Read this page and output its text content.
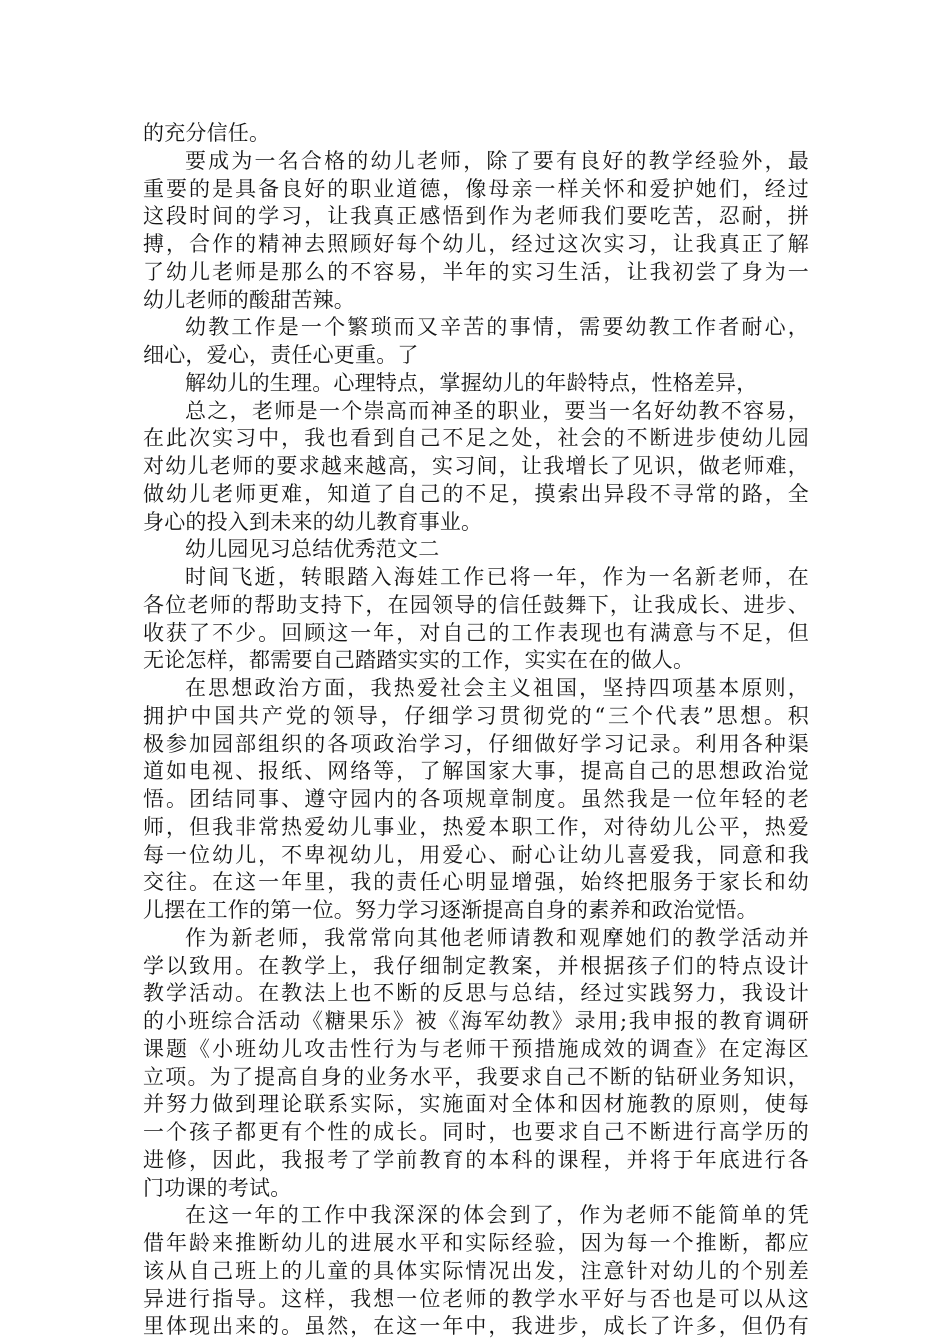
的充分信任。
要成为一名合格的幼儿老师，除了要有良好的教学经验外，最
重要的是具备良好的职业道德，像母亲一样关怀和爱护她们，经过
这段时间的学习，让我真正感悟到作为老师我们要吃苦，忍耐，拼
搏，合作的精神去照顾好每个幼儿，经过这次实习，让我真正了解
了幼儿老师是那么的不容易，半年的实习生活，让我初尝了身为一
幼儿老师的酸甜苦辣。
幼教工作是一个繁琐而又辛苦的事情，需要幼教工作者耐心，
细心，爱心，责任心更重。了
解幼儿的生理。心理特点，掌握幼儿的年龄特点，性格差异，
总之，老师是一个崇高而神圣的职业，要当一名好幼教不容易，
在此次实习中，我也看到自己不足之处，社会的不断进步使幼儿园
对幼儿老师的要求越来越高，实习间，让我增长了见识，做老师难，
做幼儿老师更难，知道了自己的不足，摸索出异段不寻常的路，全
身心的投入到未来的幼儿教育事业。
幼儿园见习总结优秀范文二
时间飞逝，转眼踏入海娃工作已将一年，作为一名新老师，在
各位老师的帮助支持下，在园领导的信任鼓舞下，让我成长、进步、
收获了不少。回顾这一年，对自己的工作表现也有满意与不足，但
无论怎样，都需要自己踏踏实实的工作，实实在在的做人。
在思想政治方面，我热爱社会主义祖国，坚持四项基本原则，
拥护中国共产党的领导，仔细学习贯彻党的“三个代表”思想。积
极参加园部组织的各项政治学习，仔细做好学习记录。利用各种渠
道如电视、报纸、网络等，了解国家大事，提高自己的思想政治觉
悟。团结同事、遵守园内的各项规章制度。虽然我是一位年轻的老
师，但我非常热爱幼儿事业，热爱本职工作，对待幼儿公平，热爱
每一位幼儿，不卑视幼儿，用爱心、耐心让幼儿喜爱我，同意和我
交往。在这一年里，我的责任心明显增强，始终把服务于家长和幼
儿摆在工作的第一位。努力学习逐渐提高自身的素养和政治觉悟。
作为新老师，我常常向其他老师请教和观摩她们的教学活动并
学以致用。在教学上，我仔细制定教案，并根据孩子们的特点设计
教学活动。在教法上也不断的反思与总结，经过实践努力，我设计
的小班综合活动《糖果乐》被《海军幼教》录用;我申报的教育调研
课题《小班幼儿攻击性行为与老师干预措施成效的调查》在定海区
立项。为了提高自身的业务水平，我要求自己不断的钻研业务知识，
并努力做到理论联系实际，实施面对全体和因材施教的原则，使每
一个孩子都更有个性的成长。同时，也要求自己不断进行高学历的
进修，因此，我报考了学前教育的本科的课程，并将于年底进行各
门功课的考试。
在这一年的工作中我深深的体会到了，作为老师不能简单的凭
借年龄来推断幼儿的进展水平和实际经验，因为每一个推断，都应
该从自己班上的儿童的具体实际情况出发，注意针对幼儿的个别差
异进行指导。这样，我想一位老师的教学水平好与否也是可以从这
里体现出来的。虽然，在这一年中，我进步，成长了许多，但仍有
